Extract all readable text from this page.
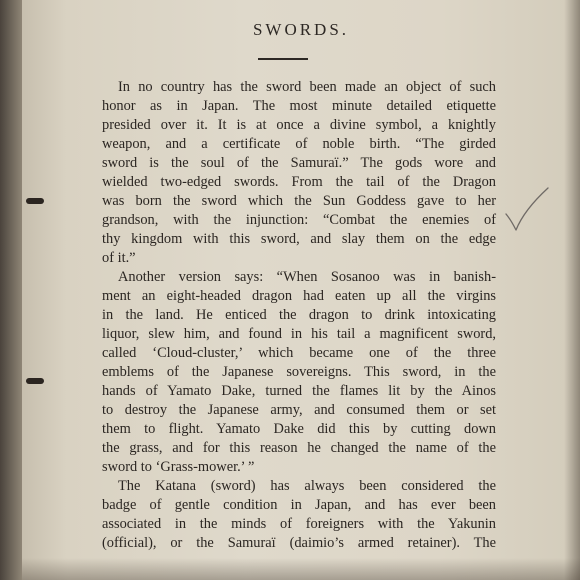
SWORDS.
In no country has the sword been made an object of such
honor as in Japan. The most minute detailed etiquette
presided over it. It is at once a divine symbol, a knightly
weapon, and a certificate of noble birth. “The girded
sword is the soul of the Samuraï.” The gods wore and
wielded two-edged swords. From the tail of the Dragon
was born the sword which the Sun Goddess gave to her
grandson, with the injunction: “Combat the enemies of
thy kingdom with this sword, and slay them on the edge
of it.”
Another version says: “When Sosanoo was in banish-
ment an eight-headed dragon had eaten up all the virgins
in the land. He enticed the dragon to drink intoxicating
liquor, slew him, and found in his tail a magnificent sword,
called ‘Cloud-cluster,’ which became one of the three
emblems of the Japanese sovereigns. This sword, in the
hands of Yamato Dake, turned the flames lit by the Ainos
to destroy the Japanese army, and consumed them or set
them to flight. Yamato Dake did this by cutting down
the grass, and for this reason he changed the name of the
sword to ‘Grass-mower.’ ”
The Katana (sword) has always been considered the
badge of gentle condition in Japan, and has ever been
associated in the minds of foreigners with the Yakunin
(official), or the Samuraï (daimio’s armed retainer). The
